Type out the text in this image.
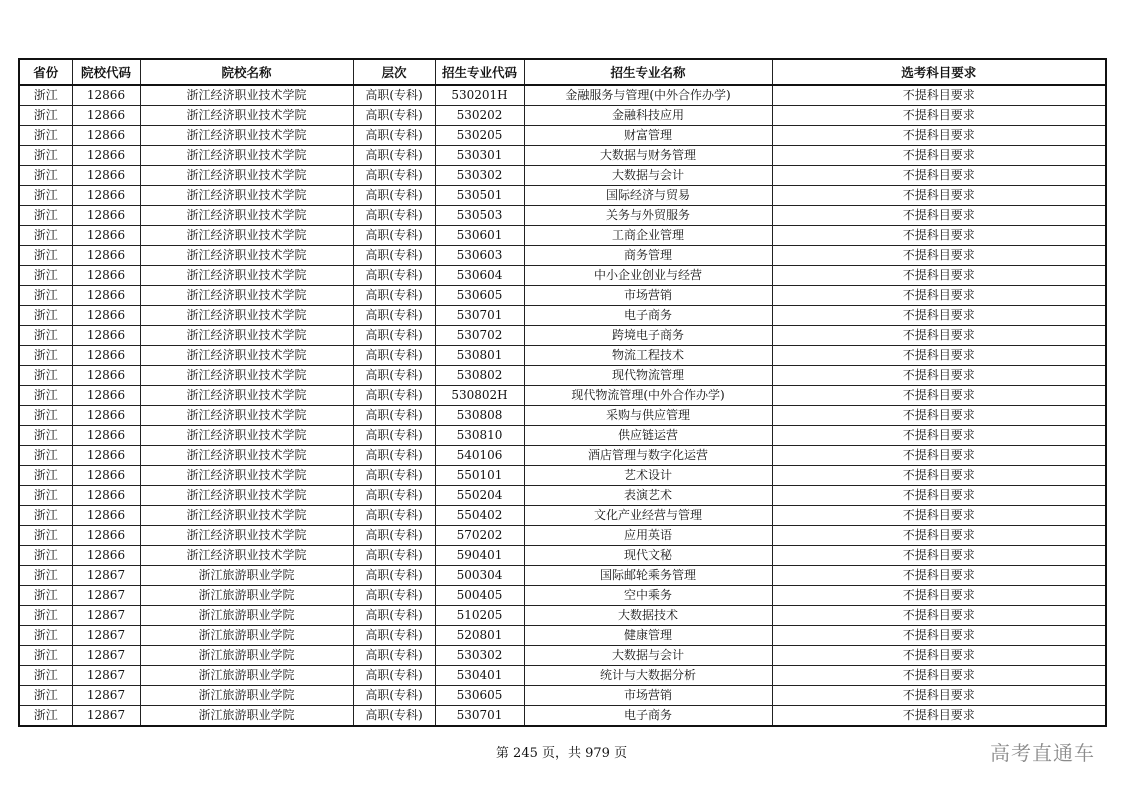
省份	院校代码	院校名称	层次	招生专业代码	招生专业名称	选考科目要求
浙江	12866	浙江经济职业技术学院	高职(专科)	530201H	金融服务与管理(中外合作办学)	不提科目要求
浙江	12866	浙江经济职业技术学院	高职(专科)	530202	金融科技应用	不提科目要求
浙江	12866	浙江经济职业技术学院	高职(专科)	530205	财富管理	不提科目要求
浙江	12866	浙江经济职业技术学院	高职(专科)	530301	大数据与财务管理	不提科目要求
浙江	12866	浙江经济职业技术学院	高职(专科)	530302	大数据与会计	不提科目要求
浙江	12866	浙江经济职业技术学院	高职(专科)	530501	国际经济与贸易	不提科目要求
浙江	12866	浙江经济职业技术学院	高职(专科)	530503	关务与外贸服务	不提科目要求
浙江	12866	浙江经济职业技术学院	高职(专科)	530601	工商企业管理	不提科目要求
浙江	12866	浙江经济职业技术学院	高职(专科)	530603	商务管理	不提科目要求
浙江	12866	浙江经济职业技术学院	高职(专科)	530604	中小企业创业与经营	不提科目要求
浙江	12866	浙江经济职业技术学院	高职(专科)	530605	市场营销	不提科目要求
浙江	12866	浙江经济职业技术学院	高职(专科)	530701	电子商务	不提科目要求
浙江	12866	浙江经济职业技术学院	高职(专科)	530702	跨境电子商务	不提科目要求
浙江	12866	浙江经济职业技术学院	高职(专科)	530801	物流工程技术	不提科目要求
浙江	12866	浙江经济职业技术学院	高职(专科)	530802	现代物流管理	不提科目要求
浙江	12866	浙江经济职业技术学院	高职(专科)	530802H	现代物流管理(中外合作办学)	不提科目要求
浙江	12866	浙江经济职业技术学院	高职(专科)	530808	采购与供应管理	不提科目要求
浙江	12866	浙江经济职业技术学院	高职(专科)	530810	供应链运营	不提科目要求
浙江	12866	浙江经济职业技术学院	高职(专科)	540106	酒店管理与数字化运营	不提科目要求
浙江	12866	浙江经济职业技术学院	高职(专科)	550101	艺术设计	不提科目要求
浙江	12866	浙江经济职业技术学院	高职(专科)	550204	表演艺术	不提科目要求
浙江	12866	浙江经济职业技术学院	高职(专科)	550402	文化产业经营与管理	不提科目要求
浙江	12866	浙江经济职业技术学院	高职(专科)	570202	应用英语	不提科目要求
浙江	12866	浙江经济职业技术学院	高职(专科)	590401	现代文秘	不提科目要求
浙江	12867	浙江旅游职业学院	高职(专科)	500304	国际邮轮乘务管理	不提科目要求
浙江	12867	浙江旅游职业学院	高职(专科)	500405	空中乘务	不提科目要求
浙江	12867	浙江旅游职业学院	高职(专科)	510205	大数据技术	不提科目要求
浙江	12867	浙江旅游职业学院	高职(专科)	520801	健康管理	不提科目要求
浙江	12867	浙江旅游职业学院	高职(专科)	530302	大数据与会计	不提科目要求
浙江	12867	浙江旅游职业学院	高职(专科)	530401	统计与大数据分析	不提科目要求
浙江	12867	浙江旅游职业学院	高职(专科)	530605	市场营销	不提科目要求
浙江	12867	浙江旅游职业学院	高职(专科)	530701	电子商务	不提科目要求
第 245 页，共 979 页	高考直通车
